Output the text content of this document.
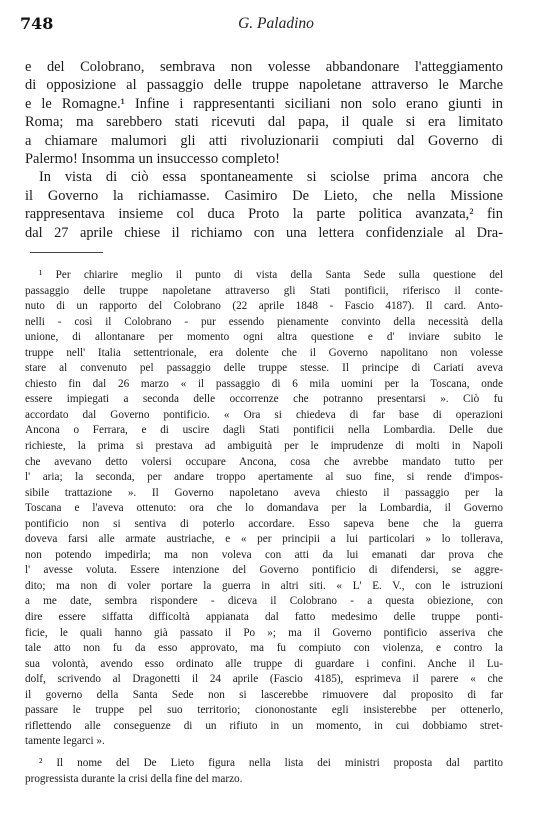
748	G. Paladino
e del Colobrano, sembrava non volesse abbandonare l'atteggiamento
di opposizione al passaggio delle truppe napoletane attraverso le Marche
e le Romagne.¹ Infine i rappresentanti siciliani non solo erano giunti in
Roma; ma sarebbero stati ricevuti dal papa, il quale si era limitato
a chiamare malumori gli atti rivoluzionarii compiuti dal Governo di
Palermo! Insomma un insuccesso completo!
In vista di ciò essa spontaneamente si sciolse prima ancora che
il Governo la richiamasse. Casimiro De Lieto, che nella Missione
rappresentava insieme col duca Proto la parte politica avanzata,² fin
dal 27 aprile chiese il richiamo con una lettera confidenziale al Dra-
¹ Per chiarire meglio il punto di vista della Santa Sede sulla questione del
passaggio delle truppe napoletane attraverso gli Stati pontificii, riferisco il conte-
nuto di un rapporto del Colobrano (22 aprile 1848 - Fascio 4187). Il card. Anto-
nelli - così il Colobrano - pur essendo pienamente convinto della necessità della
unione, di allontanare per momento ogni altra questione e d' inviare subito le
truppe nell' Italia settentrionale, era dolente che il Governo napolitano non volesse
stare al convenuto pel passaggio delle truppe stesse. Il principe di Cariati aveva
chiesto fin dal 26 marzo « il passaggio di 6 mila uomini per la Toscana, onde
essere impiegati a seconda delle occorrenze che potranno presentarsi ». Ciò fu
accordato dal Governo pontificio. « Ora si chiedeva di far base di operazioni
Ancona o Ferrara, e di uscire dagli Stati pontificii nella Lombardia. Delle due
richieste, la prima si prestava ad ambiguità per le imprudenze di molti in Napoli
che avevano detto volersi occupare Ancona, cosa che avrebbe mandato tutto per
l' aria; la seconda, per andare troppo apertamente al suo fine, si rende d'impos-
sibile trattazione ». Il Governo napoletano aveva chiesto il passaggio per la
Toscana e l'aveva ottenuto: ora che lo domandava per la Lombardia, il Governo
pontificio non si sentiva di poterlo accordare. Esso sapeva bene che la guerra
doveva farsi alle armate austriache, e « per principii a lui particolari » lo tollerava,
non potendo impedirla; ma non voleva con atti da lui emanati dar prova che
l' avesse voluta. Essere intenzione del Governo pontificio di difendersi, se aggre-
dito; ma non di voler portare la guerra in altri siti. « L' E. V., con le istruzioni
a me date, sembra rispondere - diceva il Colobrano - a questa obiezione, con
dire essere siffatta difficoltà appianata dal fatto medesimo delle truppe ponti-
ficie, le quali hanno già passato il Po »; ma il Governo pontificio asseriva che
tale atto non fu da esso approvato, ma fu compiuto con violenza, e contro la
sua volontà, avendo esso ordinato alle truppe di guardare i confini. Anche il Lu-
dolf, scrivendo al Dragonetti il 24 aprile (Fascio 4185), esprimeva il parere « che
il governo della Santa Sede non si lascerebbe rimuovere dal proposito di far
passare le truppe pel suo territorio; ciononostante egli insisterebbe per ottenerlo,
riflettendo alle conseguenze di un rifiuto in un momento, in cui dobbiamo stret-
tamente legarci ».
² Il nome del De Lieto figura nella lista dei ministri proposta dal partito
progressista durante la crisi della fine del marzo.
